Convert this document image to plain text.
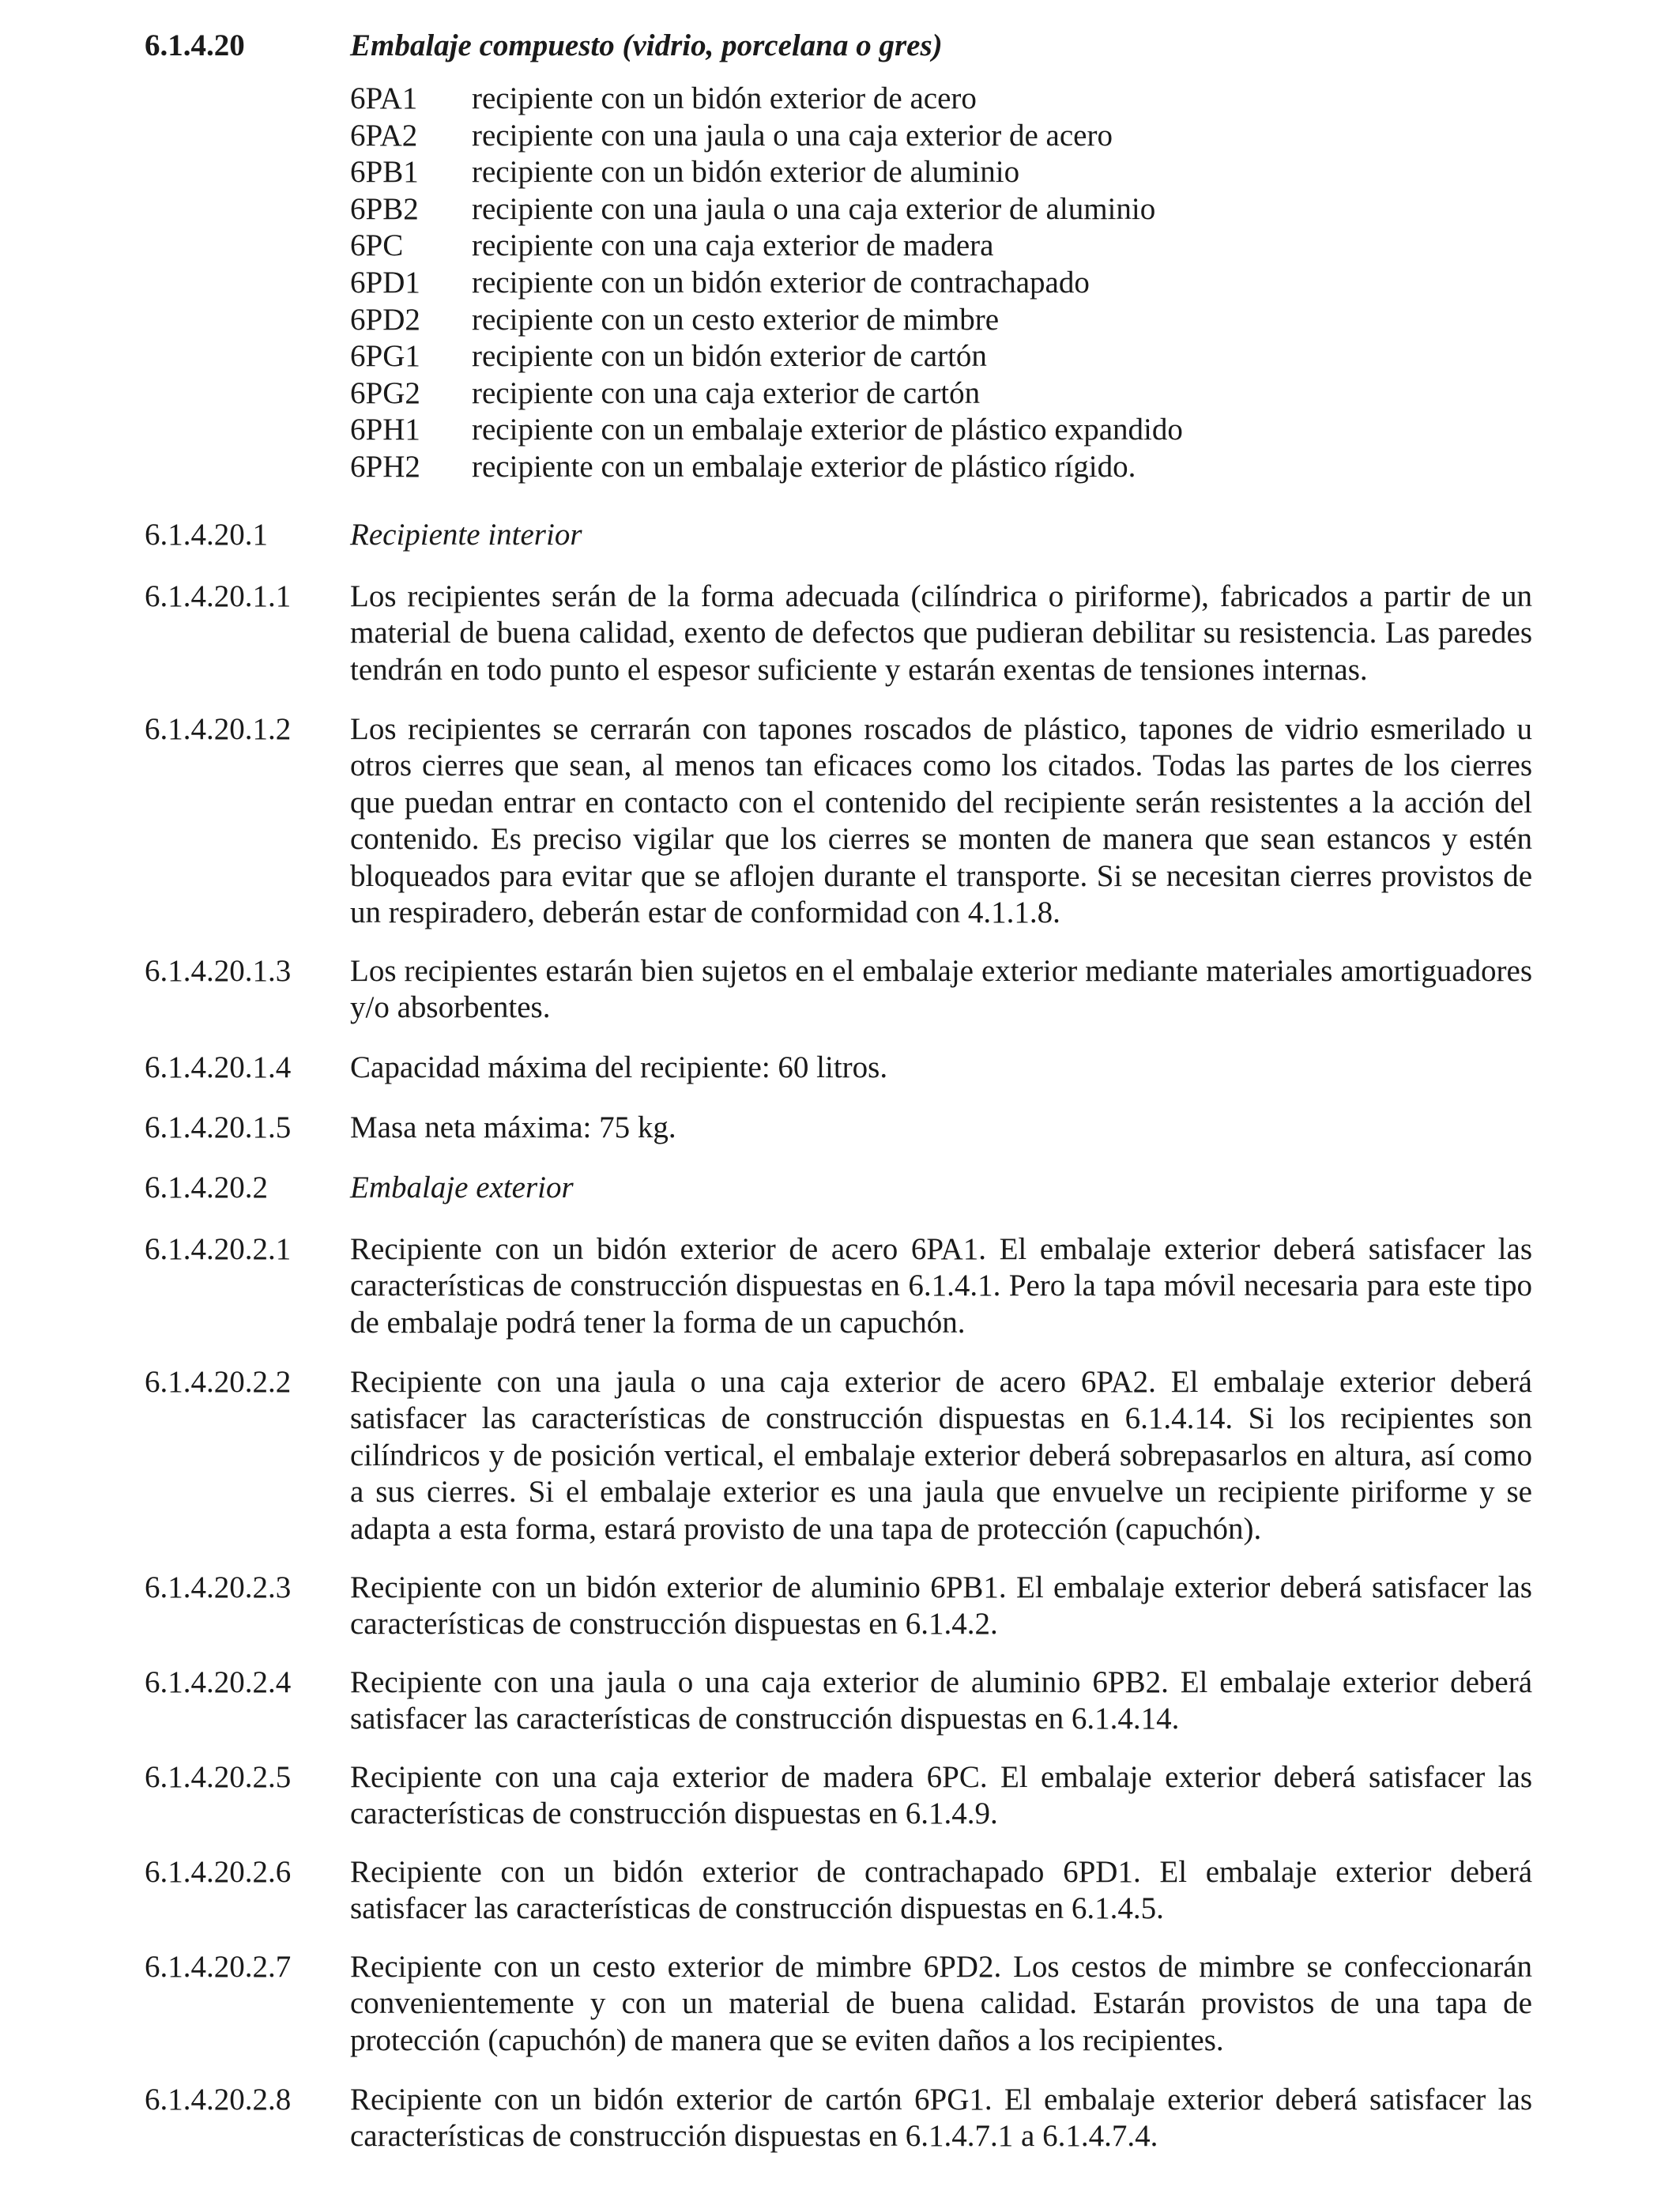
6.1.4.20	Embalaje compuesto (vidrio, porcelana o gres)
6PA1 recipiente con un bidón exterior de acero
6PA2 recipiente con una jaula o una caja exterior de acero
6PB1 recipiente con un bidón exterior de aluminio
6PB2 recipiente con una jaula o una caja exterior de aluminio
6PC recipiente con una caja exterior de madera
6PD1 recipiente con un bidón exterior de contrachapado
6PD2 recipiente con un cesto exterior de mimbre
6PG1 recipiente con un bidón exterior de cartón
6PG2 recipiente con una caja exterior de cartón
6PH1 recipiente con un embalaje exterior de plástico expandido
6PH2 recipiente con un embalaje exterior de plástico rígido.
6.1.4.20.1	Recipiente interior
6.1.4.20.1.1 Los recipientes serán de la forma adecuada (cilíndrica o piriforme), fabricados a partir de un material de buena calidad, exento de defectos que pudieran debilitar su resistencia. Las paredes tendrán en todo punto el espesor suficiente y estarán exentas de tensiones internas.
6.1.4.20.1.2 Los recipientes se cerrarán con tapones roscados de plástico, tapones de vidrio esmerilado u otros cierres que sean, al menos tan eficaces como los citados. Todas las partes de los cierres que puedan entrar en contacto con el contenido del recipiente serán resistentes a la acción del contenido. Es preciso vigilar que los cierres se monten de manera que sean estancos y estén bloqueados para evitar que se aflojen durante el transporte. Si se necesitan cierres provistos de un respiradero, deberán estar de conformidad con 4.1.1.8.
6.1.4.20.1.3 Los recipientes estarán bien sujetos en el embalaje exterior mediante materiales amortiguadores y/o absorbentes.
6.1.4.20.1.4 Capacidad máxima del recipiente: 60 litros.
6.1.4.20.1.5 Masa neta máxima: 75 kg.
6.1.4.20.2	Embalaje exterior
6.1.4.20.2.1 Recipiente con un bidón exterior de acero 6PA1. El embalaje exterior deberá satisfacer las características de construcción dispuestas en 6.1.4.1. Pero la tapa móvil necesaria para este tipo de embalaje podrá tener la forma de un capuchón.
6.1.4.20.2.2 Recipiente con una jaula o una caja exterior de acero 6PA2. El embalaje exterior deberá satisfacer las características de construcción dispuestas en 6.1.4.14. Si los recipientes son cilíndricos y de posición vertical, el embalaje exterior deberá sobrepasarlos en altura, así como a sus cierres. Si el embalaje exterior es una jaula que envuelve un recipiente piriforme y se adapta a esta forma, estará provisto de una tapa de protección (capuchón).
6.1.4.20.2.3 Recipiente con un bidón exterior de aluminio 6PB1. El embalaje exterior deberá satisfacer las características de construcción dispuestas en 6.1.4.2.
6.1.4.20.2.4 Recipiente con una jaula o una caja exterior de aluminio 6PB2. El embalaje exterior deberá satisfacer las características de construcción dispuestas en 6.1.4.14.
6.1.4.20.2.5 Recipiente con una caja exterior de madera 6PC. El embalaje exterior deberá satisfacer las características de construcción dispuestas en 6.1.4.9.
6.1.4.20.2.6 Recipiente con un bidón exterior de contrachapado 6PD1. El embalaje exterior deberá satisfacer las características de construcción dispuestas en 6.1.4.5.
6.1.4.20.2.7 Recipiente con un cesto exterior de mimbre 6PD2. Los cestos de mimbre se confeccionarán convenientemente y con un material de buena calidad. Estarán provistos de una tapa de protección (capuchón) de manera que se eviten daños a los recipientes.
6.1.4.20.2.8 Recipiente con un bidón exterior de cartón 6PG1. El embalaje exterior deberá satisfacer las características de construcción dispuestas en 6.1.4.7.1 a 6.1.4.7.4.
